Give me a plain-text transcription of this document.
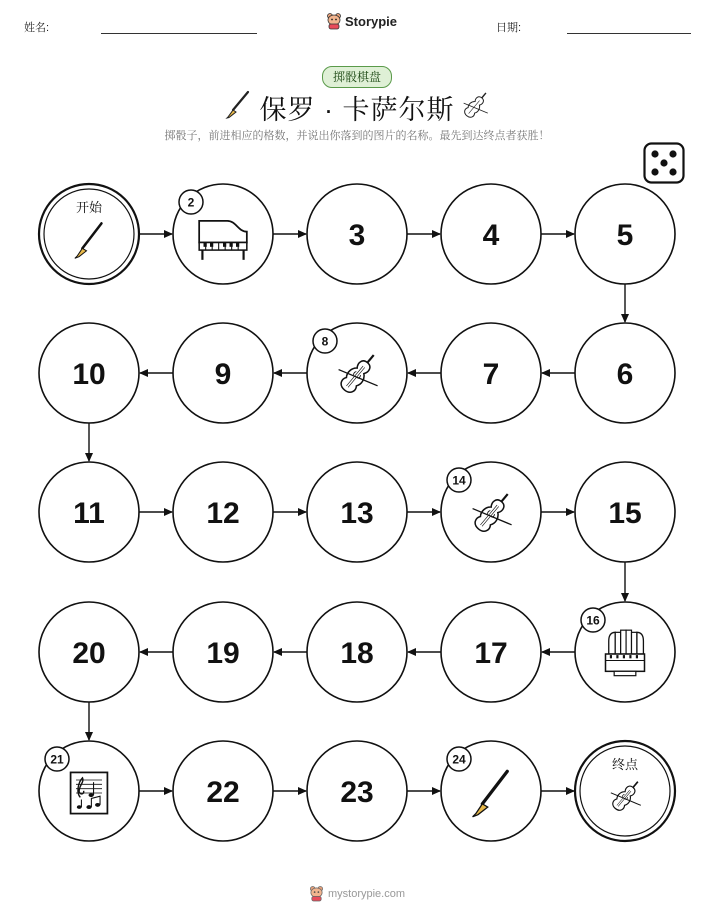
姓名:	Storypie	日期:
掷骰棋盘
保罗 · 卡萨尔斯
掷骰子，前进相应的格数，并说出你落到的图片的名称。最先到达终点者获胜！
开始	2
3	4	5
6
7
8
9
10
11	12	13
14
15
16
17
18
19
20
21
22	23
24	终点
mystorypie.com
